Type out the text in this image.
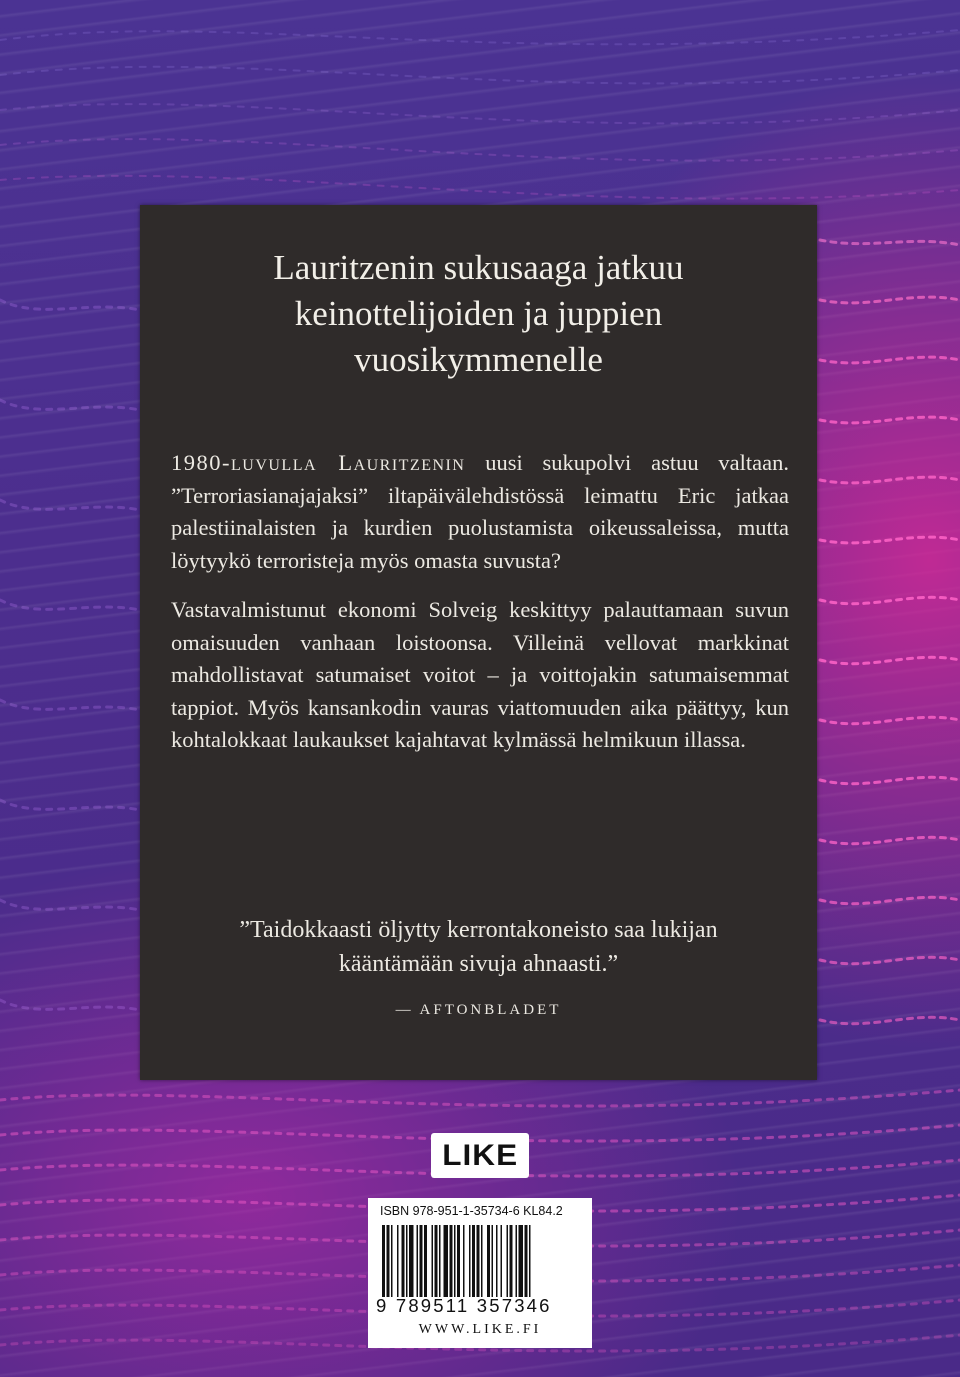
Lauritzenin sukusaaga jatkuu
keinottelijoiden ja juppien
vuosikymmenelle

1980-luvulla Lauritzenin uusi sukupolvi astuu valtaan. ”Terroriasianajajaksi” iltapäivälehdistössä leimattu Eric jatkaa palestiinalaisten ja kurdien puolustamista oikeussaleissa, mutta löytyykö terroristeja myös omasta suvusta?

Vastavalmistunut ekonomi Solveig keskittyy palauttamaan suvun omaisuuden vanhaan loistoonsa. Villeinä vellovat markkinat mahdollistavat satumaiset voitot – ja voittojakin satumaisemmat tappiot. Myös kansankodin vauras viattomuuden aika päättyy, kun kohtalokkaat laukaukset kajahtavat kylmässä helmikuun illassa.

”Taidokkaasti öljytty kerrontakoneisto saa lukijan
kääntämään sivuja ahnaasti.”
— AFTONBLADET
LIKE
ISBN 978-951-1-35734-6 KL84.2
9 789511 357346
WWW.LIKE.FI
